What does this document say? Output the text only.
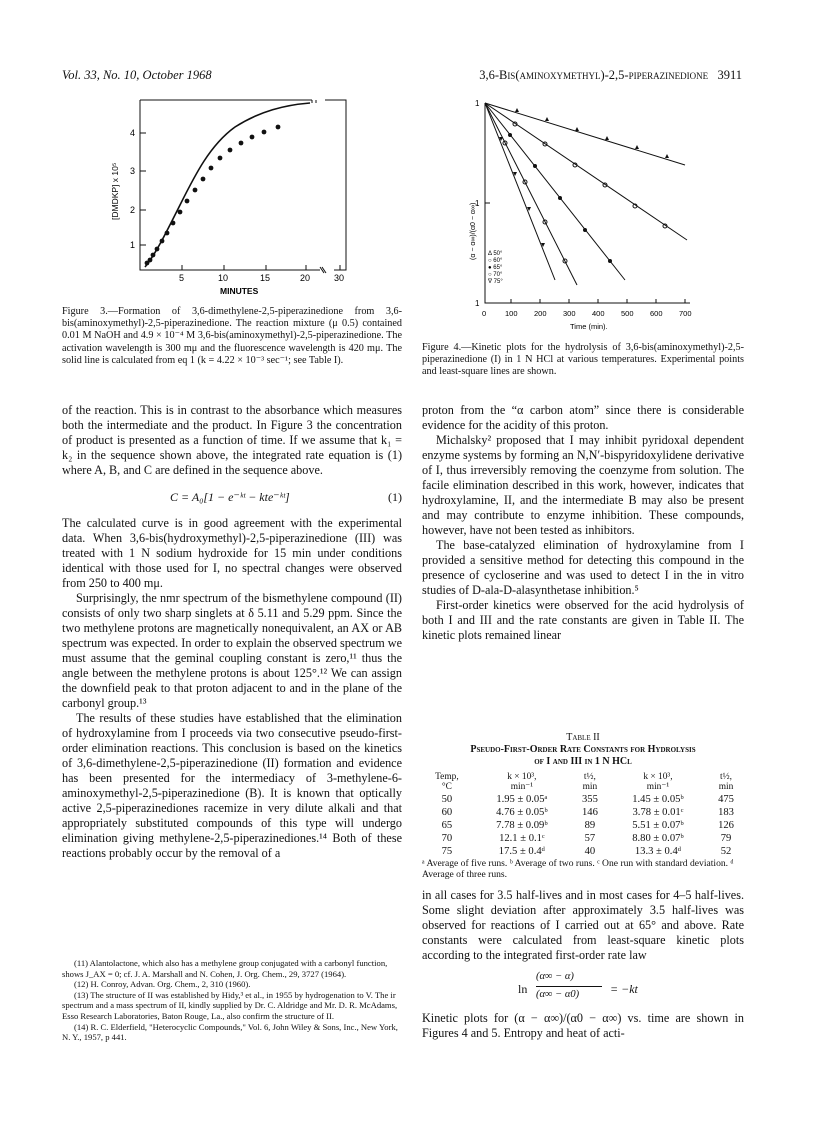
Vol. 33, No. 10, October 1968	3,6-Bis(aminoxymethyl)-2,5-piperazinedione 3911
4
3
2
1
5	10	15	20	30
MINUTES
[DMDKP] x 10⁵

Figure 3.—Formation of 3,6-dimethylene-2,5-piperazinedione from 3,6-bis(aminoxymethyl)-2,5-piperazinedione. The reaction mixture (μ 0.5) contained 0.01 M NaOH and 4.9 × 10⁻⁴ M 3,6-bis(aminoxymethyl)-2,5-piperazinedione. The activation wavelength is 300 mμ and the fluorescence wavelength is 420 mμ. The solid line is calculated from eq 1 (k = 4.22 × 10⁻³ sec⁻¹; see Table I).

1
1
1
0	100 200 300 400 500 600 700
Time (min).
(α − α∞)/(α0 − α∞) Δ 50°
○ 60°
● 65°
○ 70°
∇ 75°

Figure 4.—Kinetic plots for the hydrolysis of 3,6-bis(aminoxymethyl)-2,5-piperazinedione (I) in 1 N HCl at various temperatures. Experimental points and least-square lines are shown.

of the reaction. This is in contrast to the absorbance which measures both the intermediate and the product. In Figure 3 the concentration of product is presented as a function of time. If we assume that k₁ = k₂ in the sequence shown above, the integrated rate equation is (1) where A, B, and C are defined in the sequence above.

C = A₀[1 − e⁻ᵏᵗ − kte⁻ᵏᵗ]	(1)

The calculated curve is in good agreement with the experimental data. When 3,6-bis(hydroxymethyl)-2,5-piperazinedione (III) was treated with 1 N sodium hydroxide for 15 min under conditions identical with those used for I, no spectral changes were observed from 250 to 400 mμ.

Surprisingly, the nmr spectrum of the bismethylene compound (II) consists of only two sharp singlets at δ 5.11 and 5.29 ppm. Since the two methylene protons are magnetically nonequivalent, an AX or AB spectrum was expected. In order to explain the observed spectrum we must assume that the geminal coupling constant is zero,¹¹ thus the angle between the methylene protons is about 125°.¹² We can assign the downfield peak to that proton adjacent to and in the plane of the carbonyl group.¹³

The results of these studies have established that the elimination of hydroxylamine from I proceeds via two consecutive pseudo-first-order elimination reactions. This conclusion is based on the kinetics of 3,6-dimethylene-2,5-piperazinedione (II) formation and evidence has been presented for the intermediacy of 3-methylene-6-aminoxymethyl-2,5-piperazinedione (B). It is known that optically active 2,5-piperazinediones racemize in very dilute alkali and that appropriately substituted compounds of this type will undergo elimination giving methylene-2,5-piperazinediones.¹⁴ Both of these reactions probably occur by the removal of a

(11) Alantolactone, which also has a methylene group conjugated with a carbonyl function, shows J_AX = 0; cf. J. A. Marshall and N. Cohen, J. Org. Chem., 29, 3727 (1964).

(12) H. Conroy, Advan. Org. Chem., 2, 310 (1960).

(13) The structure of II was established by Hidy,³ et al., in 1955 by hydrogenation to V. The ir spectrum and a mass spectrum of II, kindly supplied by Dr. C. Aldridge and Mr. D. R. McAdams, Esso Research Laboratories, Baton Rouge, La., also confirm the structure of II.

(14) R. C. Elderfield, "Heterocyclic Compounds," Vol. 6, John Wiley & Sons, Inc., New York, N. Y., 1957, p 441.

proton from the “α carbon atom” since there is considerable evidence for the acidity of this proton.

Michalsky² proposed that I may inhibit pyridoxal dependent enzyme systems by forming an N,N′-bispyridoxylidene derivative of I, thus irreversibly removing the coenzyme from solution. The facile elimination described in this work, however, indicates that hydroxylamine, II, and the intermediate B may also be present and may contribute to enzyme inhibition. These compounds, however, have not been tested as inhibitors.

The base-catalyzed elimination of hydroxylamine from I provided a sensitive method for detecting this compound in the presence of cycloserine and was used to detect I in the in vitro studies of D-ala-D-alasynthetase inhibition.⁵

First-order kinetics were observed for the acid hydrolysis of both I and III and the rate constants are given in Table II. The kinetic plots remained linear

Table II
Pseudo-First-Order Rate Constants for Hydrolysis
of I and III in 1 N HCl
Temp,
°C	k × 10³,
min⁻¹	t½,
min	k × 10³,
min⁻¹	t½,
min
50	1.95 ± 0.05ᵃ	355	1.45 ± 0.05ᵇ	475
60	4.76 ± 0.05ᵇ	146	3.78 ± 0.01ᶜ	183
65	7.78 ± 0.09ᵇ	89	5.51 ± 0.07ᵇ	126
70	12.1 ± 0.1ᶜ	57	8.80 ± 0.07ᵇ	79
75	17.5 ± 0.4ᵈ	40	13.3 ± 0.4ᵈ	52
ᵃ Average of five runs. ᵇ Average of two runs. ᶜ One run with standard deviation. ᵈ Average of three runs.

in all cases for 3.5 half-lives and in most cases for 4–5 half-lives. Some slight deviation after approximately 3.5 half-lives was observed for reactions of I carried out at 65° and above. Rate constants were calculated from least-square kinetic plots according to the integrated first-order rate law

ln
(α∞ − α)
(α∞ − α0)	= −kt

Kinetic plots for (α − α∞)/(α0 − α∞) vs. time are shown in Figures 4 and 5. Entropy and heat of acti-
